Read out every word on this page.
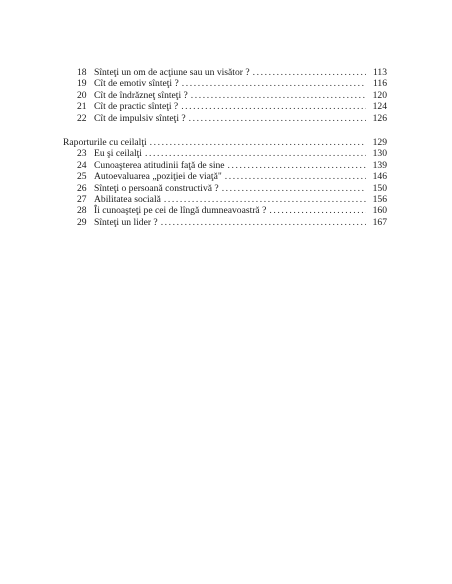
18 Sînteţi un om de acţiune sau un visător ? . . .	113
19 Cît de emotiv sînteţi ? . . .	116
20 Cît de îndrăzneţ sînteţi ? . . .	120
21 Cît de practic sînteţi ? . . .	124
22 Cît de impulsiv sînteţi ? . . .	126
Raporturile cu ceilalţi . . .	129
23 Eu şi ceilalţi . . .	130
24 Cunoaşterea atitudinii faţă de sine . . .	139
25 Autoevaluarea „poziţiei de viaţă" . . .	146
26 Sînteţi o persoană constructivă ? . . .	150
27 Abilitatea socială . . .	156
28 Îi cunoaşteţi pe cei de lîngă dumneavoastră ? . . .	160
29 Sînteţi un lider ? . . .	167
